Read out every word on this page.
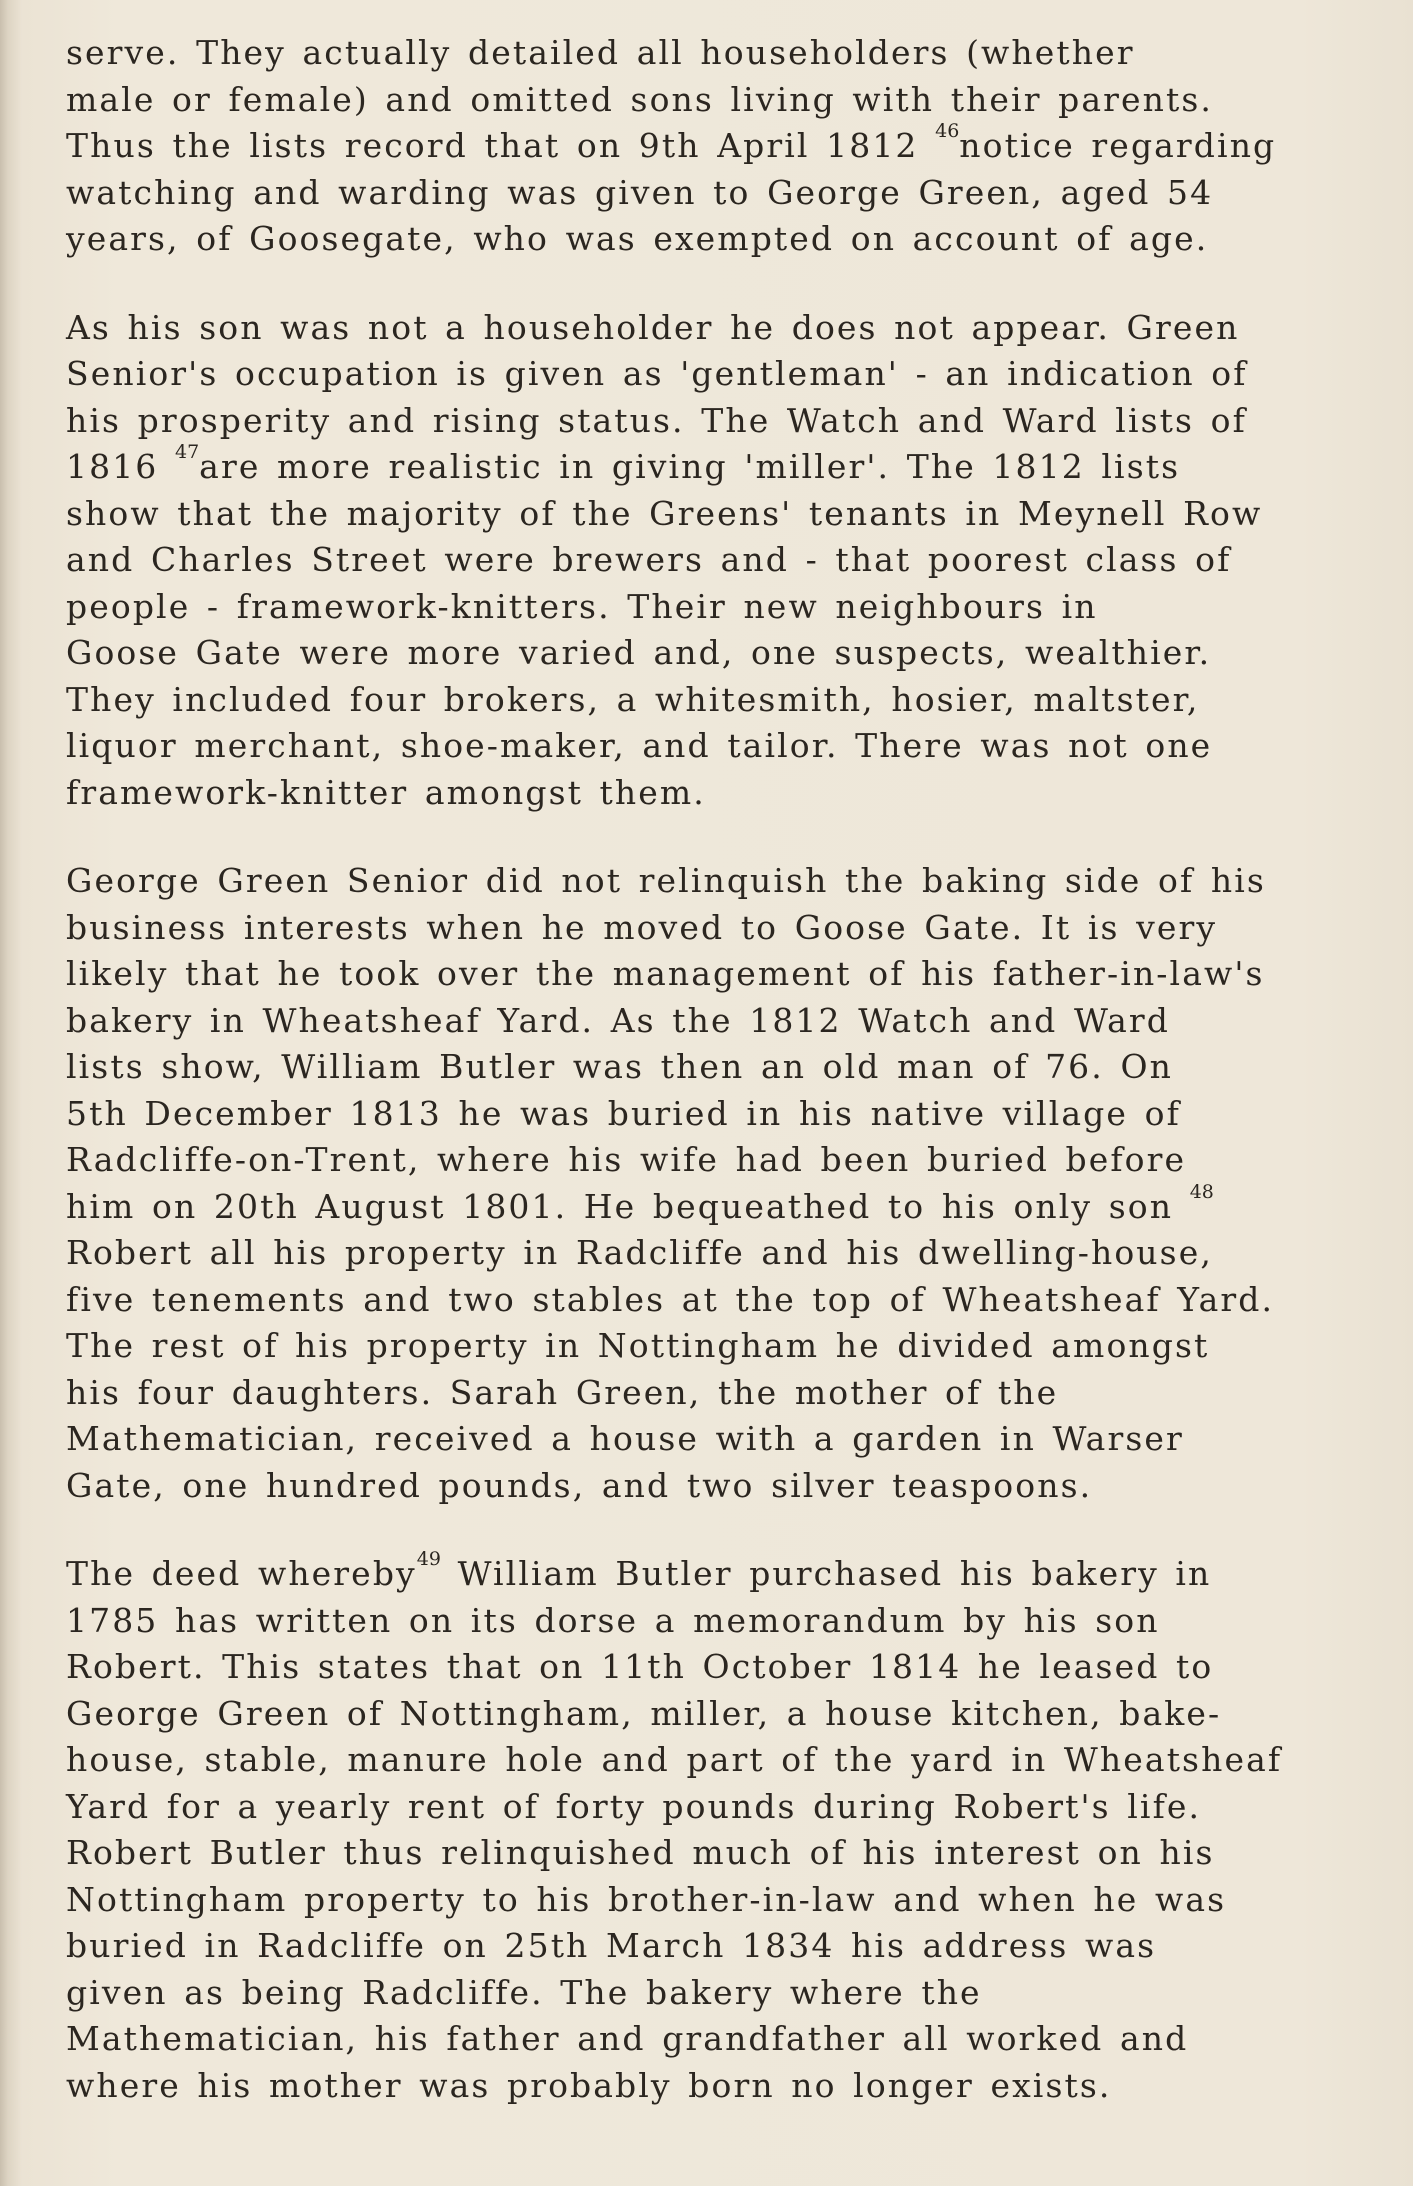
serve. They actually detailed all householders (whether
male or female) and omitted sons living with their parents.
Thus the lists record that on 9th April 1812 $^{46}$notice regarding
watching and warding was given to George Green, aged 54
years, of Goosegate, who was exempted on account of age.
As his son was not a householder he does not appear. Green
Senior's occupation is given as 'gentleman' - an indication of
his prosperity and rising status. The Watch and Ward lists of
1816 $^{47}$are more realistic in giving 'miller'. The 1812 lists
show that the majority of the Greens' tenants in Meynell Row
and Charles Street were brewers and - that poorest class of
people - framework-knitters. Their new neighbours in
Goose Gate were more varied and, one suspects, wealthier.
They included four brokers, a whitesmith, hosier, maltster,
liquor merchant, shoe-maker, and tailor. There was not one
framework-knitter amongst them.
George Green Senior did not relinquish the baking side of his
business interests when he moved to Goose Gate. It is very
likely that he took over the management of his father-in-law's
bakery in Wheatsheaf Yard. As the 1812 Watch and Ward
lists show, William Butler was then an old man of 76. On
5th December 1813 he was buried in his native village of
Radcliffe-on-Trent, where his wife had been buried before
him on 20th August 1801. He bequeathed to his only son $^{48}$
Robert all his property in Radcliffe and his dwelling-house,
five tenements and two stables at the top of Wheatsheaf Yard.
The rest of his property in Nottingham he divided amongst
his four daughters. Sarah Green, the mother of the
Mathematician, received a house with a garden in Warser
Gate, one hundred pounds, and two silver teaspoons.
The deed whereby$^{49}$ William Butler purchased his bakery in
1785 has written on its dorse a memorandum by his son
Robert. This states that on 11th October 1814 he leased to
George Green of Nottingham, miller, a house kitchen, bake-
house, stable, manure hole and part of the yard in Wheatsheaf
Yard for a yearly rent of forty pounds during Robert's life.
Robert Butler thus relinquished much of his interest on his
Nottingham property to his brother-in-law and when he was
buried in Radcliffe on 25th March 1834 his address was
given as being Radcliffe. The bakery where the
Mathematician, his father and grandfather all worked and
where his mother was probably born no longer exists.
